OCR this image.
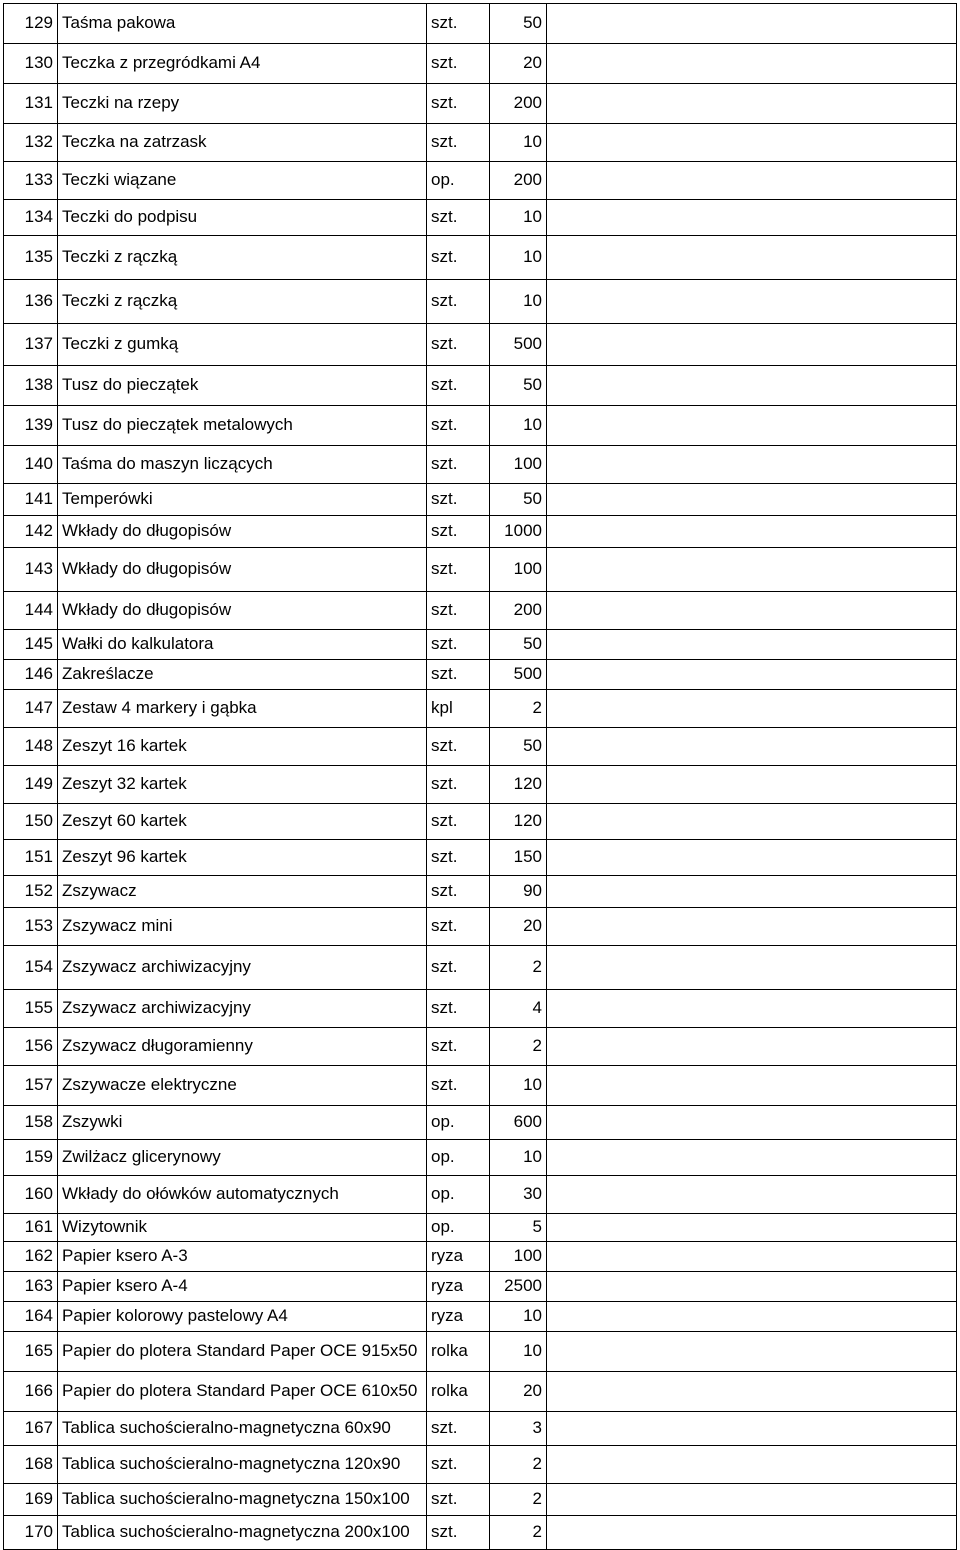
129	Taśma pakowa	szt.	50	
130	Teczka z przegródkami A4	szt.	20	
131	Teczki na rzepy	szt.	200	
132	Teczka na zatrzask	szt.	10	
133	Teczki wiązane	op.	200	
134	Teczki do podpisu	szt.	10	
135	Teczki z rączką	szt.	10	
136	Teczki z rączką	szt.	10	
137	Teczki z gumką	szt.	500	
138	Tusz do pieczątek	szt.	50	
139	Tusz do pieczątek metalowych	szt.	10	
140	Taśma do maszyn liczących	szt.	100	
141	Temperówki	szt.	50	
142	Wkłady do długopisów	szt.	1000	
143	Wkłady do długopisów	szt.	100	
144	Wkłady do długopisów	szt.	200	
145	Wałki do kalkulatora	szt.	50	
146	Zakreślacze	szt.	500	
147	Zestaw 4 markery i gąbka	kpl	2	
148	Zeszyt 16 kartek	szt.	50	
149	Zeszyt 32 kartek	szt.	120	
150	Zeszyt 60 kartek	szt.	120	
151	Zeszyt 96 kartek	szt.	150	
152	Zszywacz	szt.	90	
153	Zszywacz mini	szt.	20	
154	Zszywacz archiwizacyjny	szt.	2	
155	Zszywacz archiwizacyjny	szt.	4	
156	Zszywacz długoramienny	szt.	2	
157	Zszywacze elektryczne	szt.	10	
158	Zszywki	op.	600	
159	Zwilżacz glicerynowy	op.	10	
160	Wkłady do ołówków automatycznych	op.	30	
161	Wizytownik	op.	5	
162	Papier ksero A-3	ryza	100	
163	Papier ksero A-4	ryza	2500	
164	Papier kolorowy pastelowy A4	ryza	10	
165	Papier do plotera Standard Paper OCE 915x50	rolka	10	
166	Papier do plotera Standard Paper OCE 610x50	rolka	20	
167	Tablica suchościeralno-magnetyczna 60x90	szt.	3	
168	Tablica suchościeralno-magnetyczna 120x90	szt.	2	
169	Tablica suchościeralno-magnetyczna 150x100	szt.	2	
170	Tablica suchościeralno-magnetyczna 200x100	szt.	2	
